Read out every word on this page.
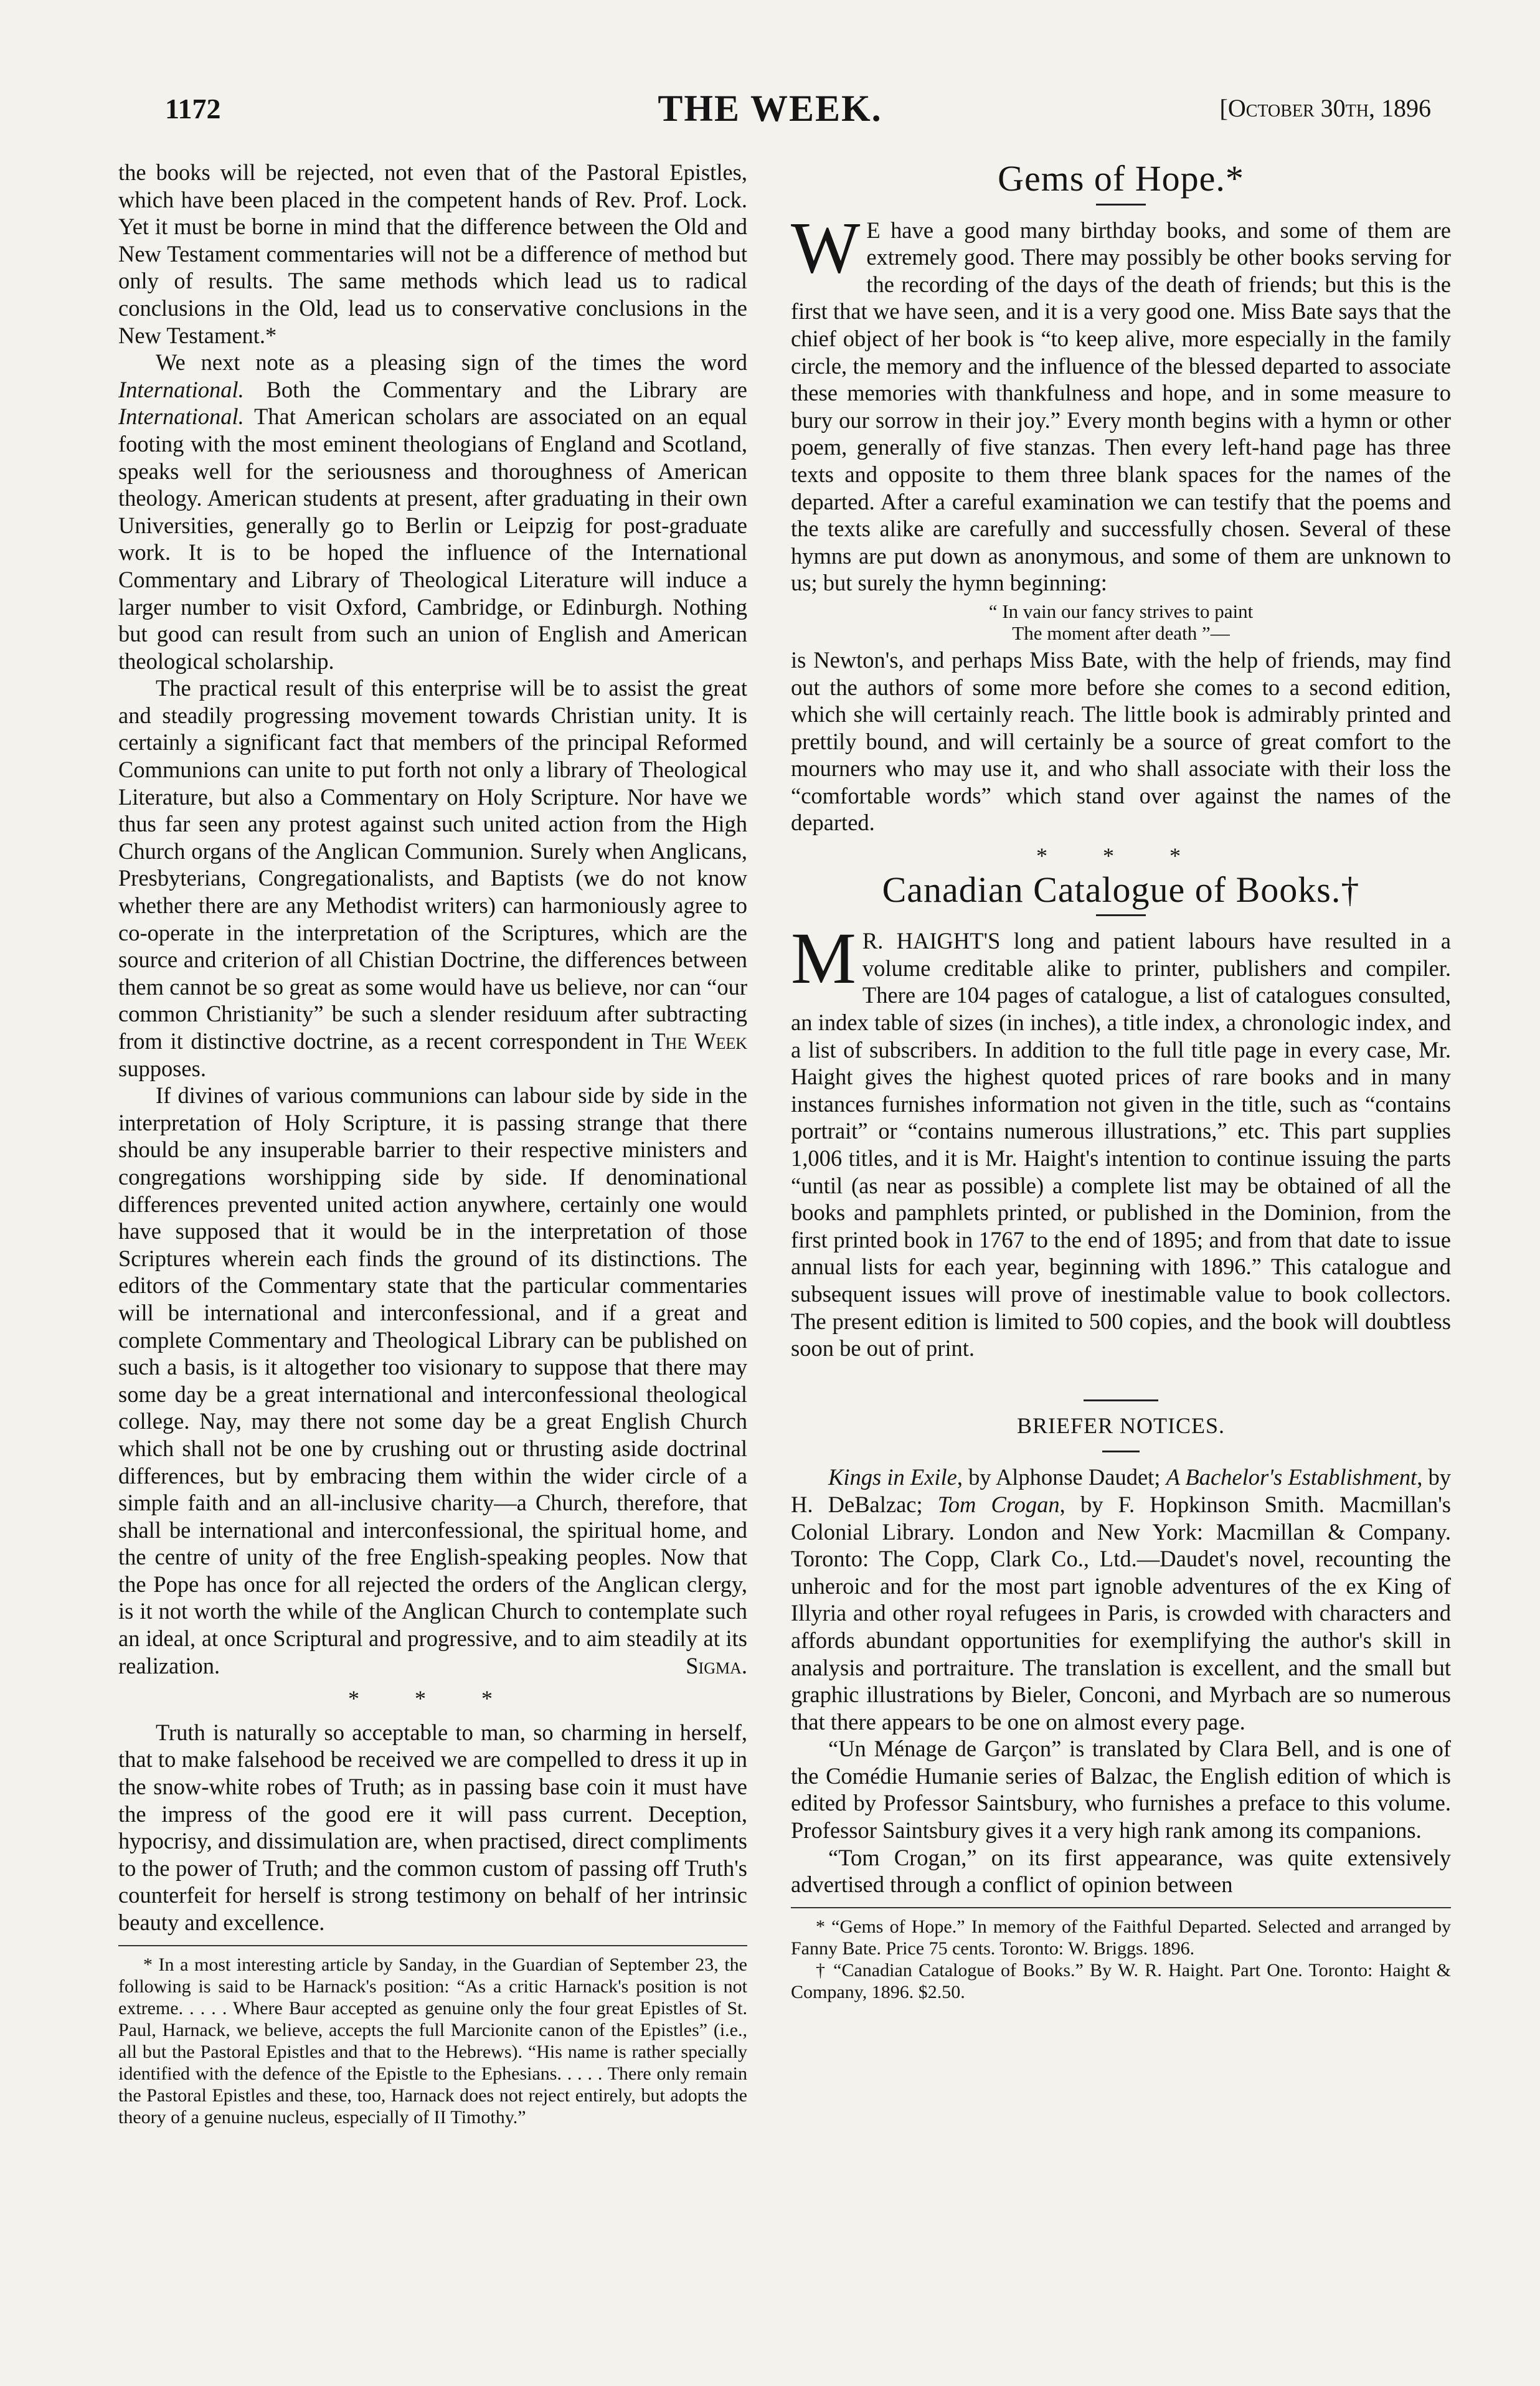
1172	THE WEEK.	[October 30th, 1896

the books will be rejected, not even that of the Pastoral Epistles, which have been placed in the competent hands of Rev. Prof. Lock. Yet it must be borne in mind that the difference between the Old and New Testament commentaries will not be a difference of method but only of results. The same methods which lead us to radical conclusions in the Old, lead us to conservative conclusions in the New Testament.*

We next note as a pleasing sign of the times the word International. Both the Commentary and the Library are International. That American scholars are associated on an equal footing with the most eminent theologians of England and Scotland, speaks well for the seriousness and thoroughness of American theology. American students at present, after graduating in their own Universities, generally go to Berlin or Leipzig for post-graduate work. It is to be hoped the influence of the International Commentary and Library of Theological Literature will induce a larger number to visit Oxford, Cambridge, or Edinburgh. Nothing but good can result from such an union of English and American theological scholarship.

The practical result of this enterprise will be to assist the great and steadily progressing movement towards Christian unity. It is certainly a significant fact that members of the principal Reformed Communions can unite to put forth not only a library of Theological Literature, but also a Commentary on Holy Scripture. Nor have we thus far seen any protest against such united action from the High Church organs of the Anglican Communion. Surely when Anglicans, Presbyterians, Congregationalists, and Baptists (we do not know whether there are any Methodist writers) can harmoniously agree to co-operate in the interpretation of the Scriptures, which are the source and criterion of all Chistian Doctrine, the differences between them cannot be so great as some would have us believe, nor can “our common Christianity” be such a slender residuum after subtracting from it distinctive doctrine, as a recent correspondent in The Week supposes.

If divines of various communions can labour side by side in the interpretation of Holy Scripture, it is passing strange that there should be any insuperable barrier to their respective ministers and congregations worshipping side by side. If denominational differences prevented united action anywhere, certainly one would have supposed that it would be in the interpretation of those Scriptures wherein each finds the ground of its distinctions. The editors of the Commentary state that the particular commentaries will be international and interconfessional, and if a great and complete Commentary and Theological Library can be published on such a basis, is it altogether too visionary to suppose that there may some day be a great international and interconfessional theological college. Nay, may there not some day be a great English Church which shall not be one by crushing out or thrusting aside doctrinal differences, but by embracing them within the wider circle of a simple faith and an all-inclusive charity—a Church, therefore, that shall be international and interconfessional, the spiritual home, and the centre of unity of the free English-speaking peoples. Now that the Pope has once for all rejected the orders of the Anglican clergy, is it not worth the while of the Anglican Church to contemplate such an ideal, at once Scriptural and progressive, and to aim steadily at its realization.	Sigma.

* * *

Truth is naturally so acceptable to man, so charming in herself, that to make falsehood be received we are compelled to dress it up in the snow-white robes of Truth; as in passing base coin it must have the impress of the good ere it will pass current. Deception, hypocrisy, and dissimulation are, when practised, direct compliments to the power of Truth; and the common custom of passing off Truth's counterfeit for herself is strong testimony on behalf of her intrinsic beauty and excellence.

* In a most interesting article by Sanday, in the Guardian of September 23, the following is said to be Harnack's position: “As a critic Harnack's position is not extreme. . . . . Where Baur accepted as genuine only the four great Epistles of St. Paul, Harnack, we believe, accepts the full Marcionite canon of the Epistles” (i.e., all but the Pastoral Epistles and that to the Hebrews). “His name is rather specially identified with the defence of the Epistle to the Ephesians. . . . . There only remain the Pastoral Epistles and these, too, Harnack does not reject entirely, but adopts the theory of a genuine nucleus, especially of II Timothy.”

Gems of Hope.*

W E have a good many birthday books, and some of them are extremely good. There may possibly be other books serving for the recording of the days of the death of friends; but this is the first that we have seen, and it is a very good one. Miss Bate says that the chief object of her book is “to keep alive, more especially in the family circle, the memory and the influence of the blessed departed to associate these memories with thankfulness and hope, and in some measure to bury our sorrow in their joy.” Every month begins with a hymn or other poem, generally of five stanzas. Then every left-hand page has three texts and opposite to them three blank spaces for the names of the departed. After a careful examination we can testify that the poems and the texts alike are carefully and successfully chosen. Several of these hymns are put down as anonymous, and some of them are unknown to us; but surely the hymn beginning:

“ In vain our fancy strives to paint
The moment after death ”—

is Newton's, and perhaps Miss Bate, with the help of friends, may find out the authors of some more before she comes to a second edition, which she will certainly reach. The little book is admirably printed and prettily bound, and will certainly be a source of great comfort to the mourners who may use it, and who shall associate with their loss the “comfortable words” which stand over against the names of the departed.

* * *
Canadian Catalogue of Books.†

M R. HAIGHT'S long and patient labours have resulted in a volume creditable alike to printer, publishers and compiler. There are 104 pages of catalogue, a list of catalogues consulted, an index table of sizes (in inches), a title index, a chronologic index, and a list of subscribers. In addition to the full title page in every case, Mr. Haight gives the highest quoted prices of rare books and in many instances furnishes information not given in the title, such as “contains portrait” or “contains numerous illustrations,” etc. This part supplies 1,006 titles, and it is Mr. Haight's intention to continue issuing the parts “until (as near as possible) a complete list may be obtained of all the books and pamphlets printed, or published in the Dominion, from the first printed book in 1767 to the end of 1895; and from that date to issue annual lists for each year, beginning with 1896.” This catalogue and subsequent issues will prove of inestimable value to book collectors. The present edition is limited to 500 copies, and the book will doubtless soon be out of print.

BRIEFER NOTICES.

Kings in Exile, by Alphonse Daudet; A Bachelor's Establishment, by H. DeBalzac; Tom Crogan, by F. Hopkinson Smith. Macmillan's Colonial Library. London and New York: Macmillan & Company. Toronto: The Copp, Clark Co., Ltd.—Daudet's novel, recounting the unheroic and for the most part ignoble adventures of the ex King of Illyria and other royal refugees in Paris, is crowded with characters and affords abundant opportunities for exemplifying the author's skill in analysis and portraiture. The translation is excellent, and the small but graphic illustrations by Bieler, Conconi, and Myrbach are so numerous that there appears to be one on almost every page.

“Un Ménage de Garçon” is translated by Clara Bell, and is one of the Comédie Humanie series of Balzac, the English edition of which is edited by Professor Saintsbury, who furnishes a preface to this volume. Professor Saintsbury gives it a very high rank among its companions.

“Tom Crogan,” on its first appearance, was quite extensively advertised through a conflict of opinion between

* “Gems of Hope.” In memory of the Faithful Departed. Selected and arranged by Fanny Bate. Price 75 cents. Toronto: W. Briggs. 1896.

† “Canadian Catalogue of Books.” By W. R. Haight. Part One. Toronto: Haight & Company, 1896. $2.50.
